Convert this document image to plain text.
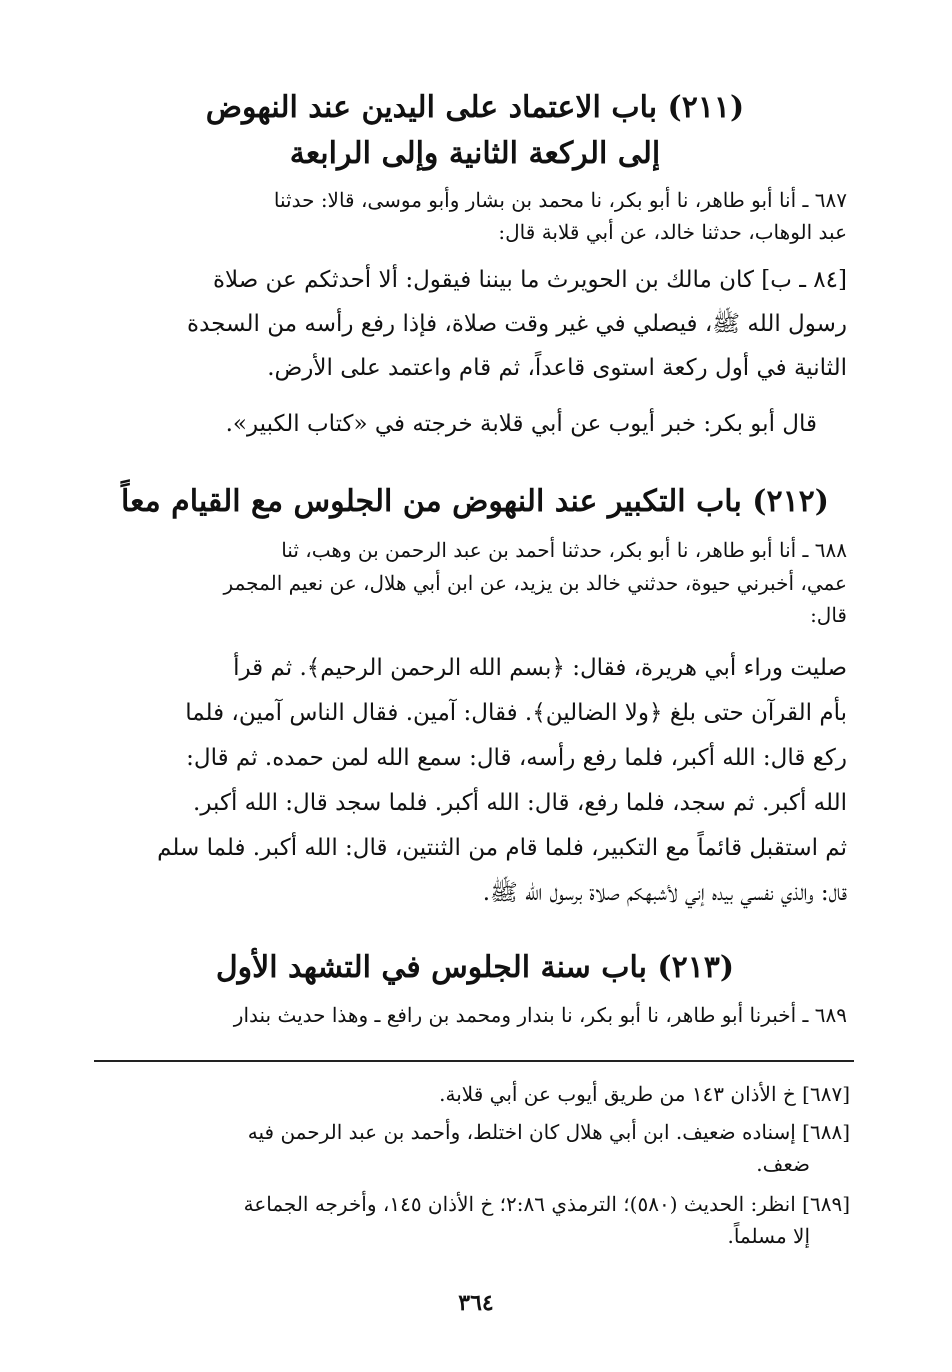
(٢١١) باب الاعتماد على اليدين عند النهوض
إلى الركعة الثانية وإلى الرابعة
٦٨٧ ـ أنا أبو طاهر، نا أبو بكر، نا محمد بن بشار وأبو موسى، قالا: حدثنا
عبد الوهاب، حدثنا خالد، عن أبي قلابة قال:
[٨٤ ـ ب] كان مالك بن الحويرث ما بيننا فيقول: ألا أحدثكم عن صلاة
رسول الله ﷺ، فيصلي في غير وقت صلاة، فإذا رفع رأسه من السجدة
الثانية في أول ركعة استوى قاعداً، ثم قام واعتمد على الأرض.
قال أبو بكر: خبر أيوب عن أبي قلابة خرجته في «كتاب الكبير».
(٢١٢) باب التكبير عند النهوض من الجلوس مع القيام معاً
٦٨٨ ـ أنا أبو طاهر، نا أبو بكر، حدثنا أحمد بن عبد الرحمن بن وهب، ثنا
عمي، أخبرني حيوة، حدثني خالد بن يزيد، عن ابن أبي هلال، عن نعيم المجمر
قال:
صليت وراء أبي هريرة، فقال: ﴿بسم الله الرحمن الرحيم﴾. ثم قرأ
بأم القرآن حتى بلغ ﴿ولا الضالين﴾. فقال: آمين. فقال الناس آمين، فلما
ركع قال: الله أكبر، فلما رفع رأسه، قال: سمع الله لمن حمده. ثم قال:
الله أكبر. ثم سجد، فلما رفع، قال: الله أكبر. فلما سجد قال: الله أكبر.
ثم استقبل قائماً مع التكبير، فلما قام من الثنتين، قال: الله أكبر. فلما سلم
قال: والذي نفسي بيده إني لأشبهكم صلاة برسول الله ﷺ.
(٢١٣) باب سنة الجلوس في التشهد الأول
٦٨٩ ـ أخبرنا أبو طاهر، نا أبو بكر، نا بندار ومحمد بن رافع ـ وهذا حديث بندار
[٦٨٧] خ الأذان ١٤٣ من طريق أيوب عن أبي قلابة.
[٦٨٨] إسناده ضعيف. ابن أبي هلال كان اختلط، وأحمد بن عبد الرحمن فيه
ضعف.
[٦٨٩] انظر: الحديث (٥٨٠)؛ الترمذي ٢:٨٦؛ خ الأذان ١٤٥، وأخرجه الجماعة
إلا مسلماً.
٣٦٤
